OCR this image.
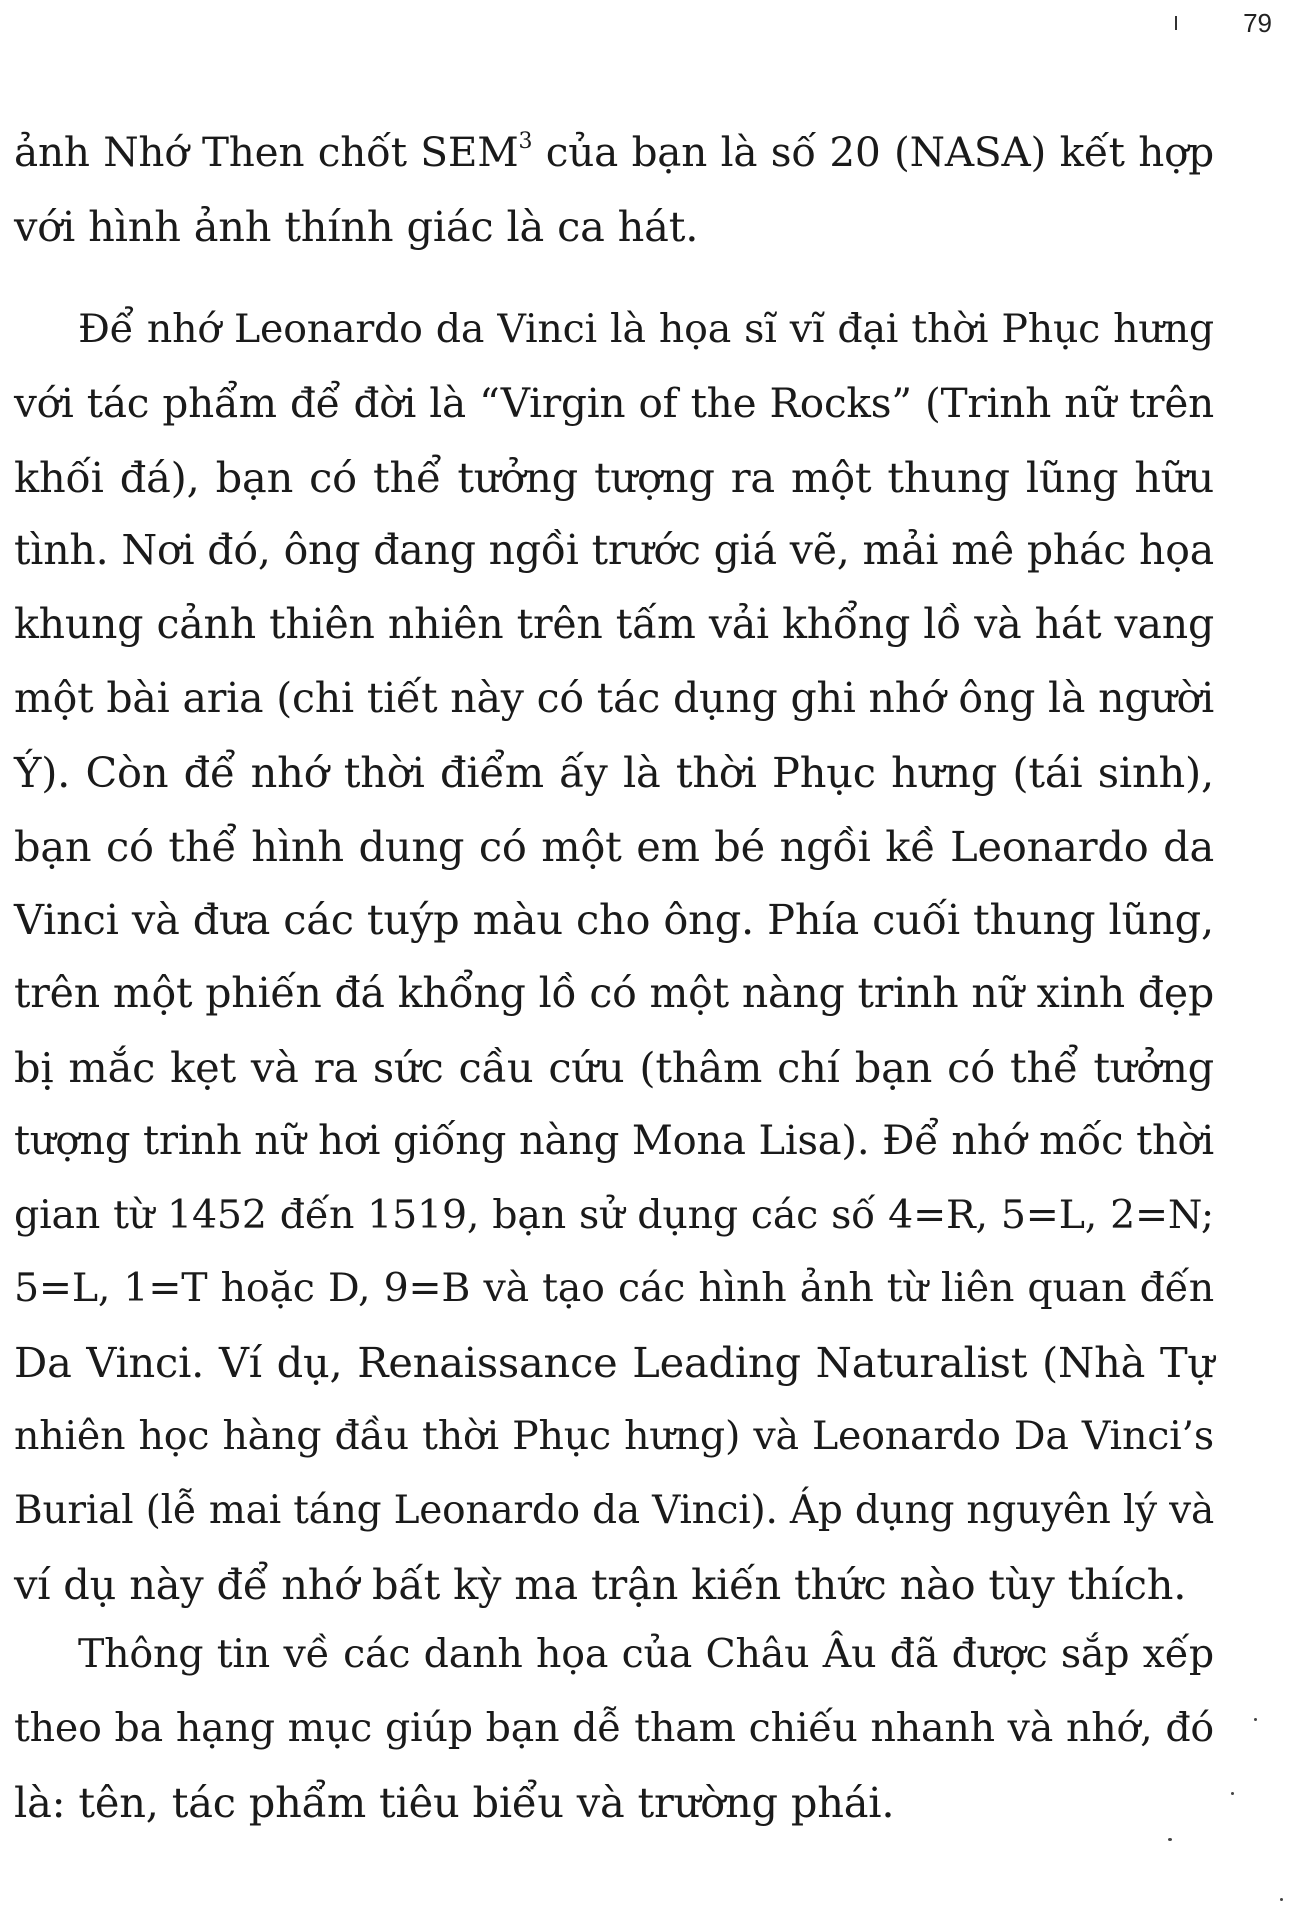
79
ảnh Nhớ Then chốt SEM$^3$ của bạn là số 20 (NASA) kết hợp
với hình ảnh thính giác là ca hát.
Để nhớ Leonardo da Vinci là họa sĩ vĩ đại thời Phục hưng
với tác phẩm để đời là “Virgin of the Rocks” (Trinh nữ trên
khối đá), bạn có thể tưởng tượng ra một thung lũng hữu
tình. Nơi đó, ông đang ngồi trước giá vẽ, mải mê phác họa
khung cảnh thiên nhiên trên tấm vải khổng lồ và hát vang
một bài aria (chi tiết này có tác dụng ghi nhớ ông là người
Ý). Còn để nhớ thời điểm ấy là thời Phục hưng (tái sinh),
bạn có thể hình dung có một em bé ngồi kề Leonardo da
Vinci và đưa các tuýp màu cho ông. Phía cuối thung lũng,
trên một phiến đá khổng lồ có một nàng trinh nữ xinh đẹp
bị mắc kẹt và ra sức cầu cứu (thâm chí bạn có thể tưởng
tượng trinh nữ hơi giống nàng Mona Lisa). Để nhớ mốc thời
gian từ 1452 đến 1519, bạn sử dụng các số 4=R, 5=L, 2=N;
5=L, 1=T hoặc D, 9=B và tạo các hình ảnh từ liên quan đến
Da Vinci. Ví dụ, Renaissance Leading Naturalist (Nhà Tự
nhiên học hàng đầu thời Phục hưng) và Leonardo Da Vinci’s
Burial (lễ mai táng Leonardo da Vinci). Áp dụng nguyên lý và
ví dụ này để nhớ bất kỳ ma trận kiến thức nào tùy thích.
Thông tin về các danh họa của Châu Âu đã được sắp xếp
theo ba hạng mục giúp bạn dễ tham chiếu nhanh và nhớ, đó
là: tên, tác phẩm tiêu biểu và trường phái.
